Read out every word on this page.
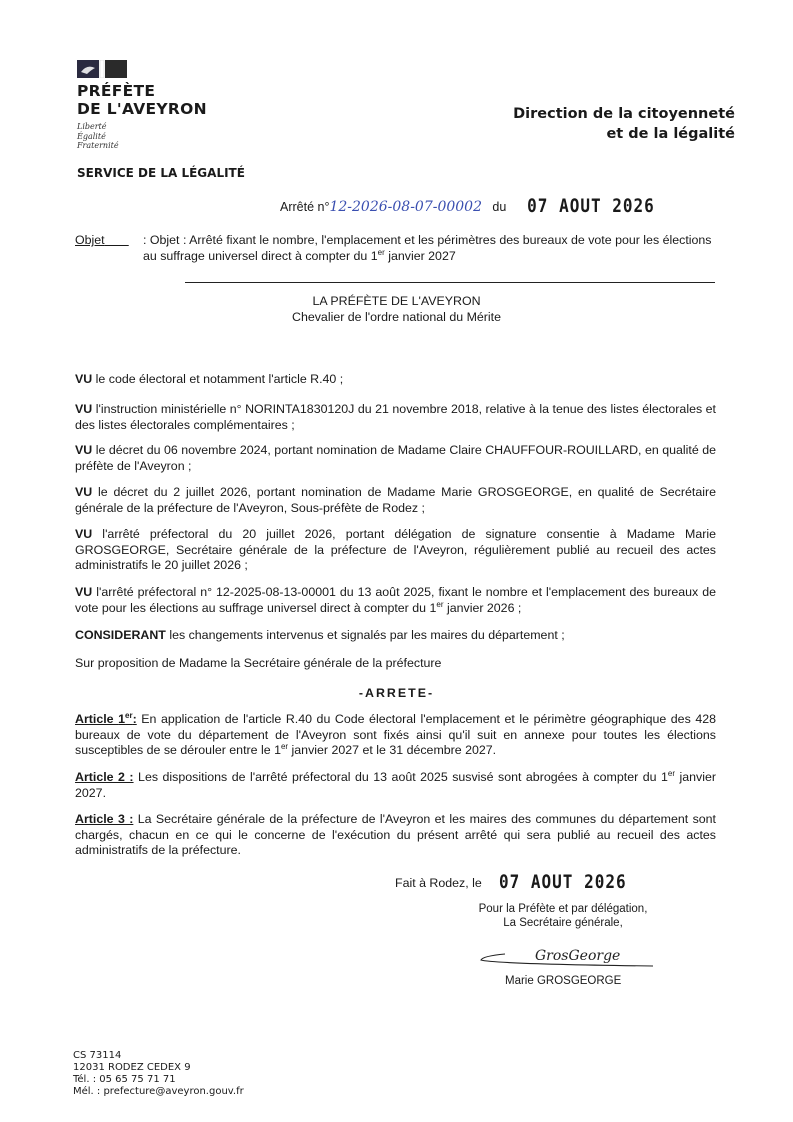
PRÉFÈTE
DE L'AVEYRON
Liberté
Égalité
Fraternité
Direction de la citoyenneté
et de la légalité
SERVICE DE LA LÉGALITÉ
Arrêté n°12-2026-08-07-00002 du 07 AOUT 2026
Objet	: Objet : Arrêté fixant le nombre, l'emplacement et les périmètres des bureaux de vote pour les élections au suffrage universel direct à compter du 1er janvier 2027
LA PRÉFÈTE DE L'AVEYRON
Chevalier de l'ordre national du Mérite
VU le code électoral et notamment l'article R.40 ;
VU l'instruction ministérielle n° NORINTA1830120J du 21 novembre 2018, relative à la tenue des listes électorales et des listes électorales complémentaires ;
VU le décret du 06 novembre 2024, portant nomination de Madame Claire CHAUFFOUR-ROUILLARD, en qualité de préfète de l'Aveyron ;
VU le décret du 2 juillet 2026, portant nomination de Madame Marie GROSGEORGE, en qualité de Secrétaire générale de la préfecture de l'Aveyron, Sous-préfète de Rodez ;
VU l'arrêté préfectoral du 20 juillet 2026, portant délégation de signature consentie à Madame Marie GROSGEORGE, Secrétaire générale de la préfecture de l'Aveyron, régulièrement publié au recueil des actes administratifs le 20 juillet 2026 ;
VU l'arrêté préfectoral n° 12-2025-08-13-00001 du 13 août 2025, fixant le nombre et l'emplacement des bureaux de vote pour les élections au suffrage universel direct à compter du 1er janvier 2026 ;
CONSIDERANT les changements intervenus et signalés par les maires du département ;
Sur proposition de Madame la Secrétaire générale de la préfecture
-ARRETE-
Article 1er: En application de l'article R.40 du Code électoral l'emplacement et le périmètre géographique des 428 bureaux de vote du département de l'Aveyron sont fixés ainsi qu'il suit en annexe pour toutes les élections susceptibles de se dérouler entre le 1er janvier 2027 et le 31 décembre 2027.
Article 2 : Les dispositions de l'arrêté préfectoral du 13 août 2025 susvisé sont abrogées à compter du 1er janvier 2027.
Article 3 : La Secrétaire générale de la préfecture de l'Aveyron et les maires des communes du département sont chargés, chacun en ce qui le concerne de l'exécution du présent arrêté qui sera publié au recueil des actes administratifs de la préfecture.
Fait à Rodez, le 07 AOUT 2026
Pour la Préfète et par délégation,
La Secrétaire générale,
GrosGeorge
Marie GROSGEORGE
CS 73114
12031 RODEZ CEDEX 9
Tél. : 05 65 75 71 71
Mél. : prefecture@aveyron.gouv.fr
